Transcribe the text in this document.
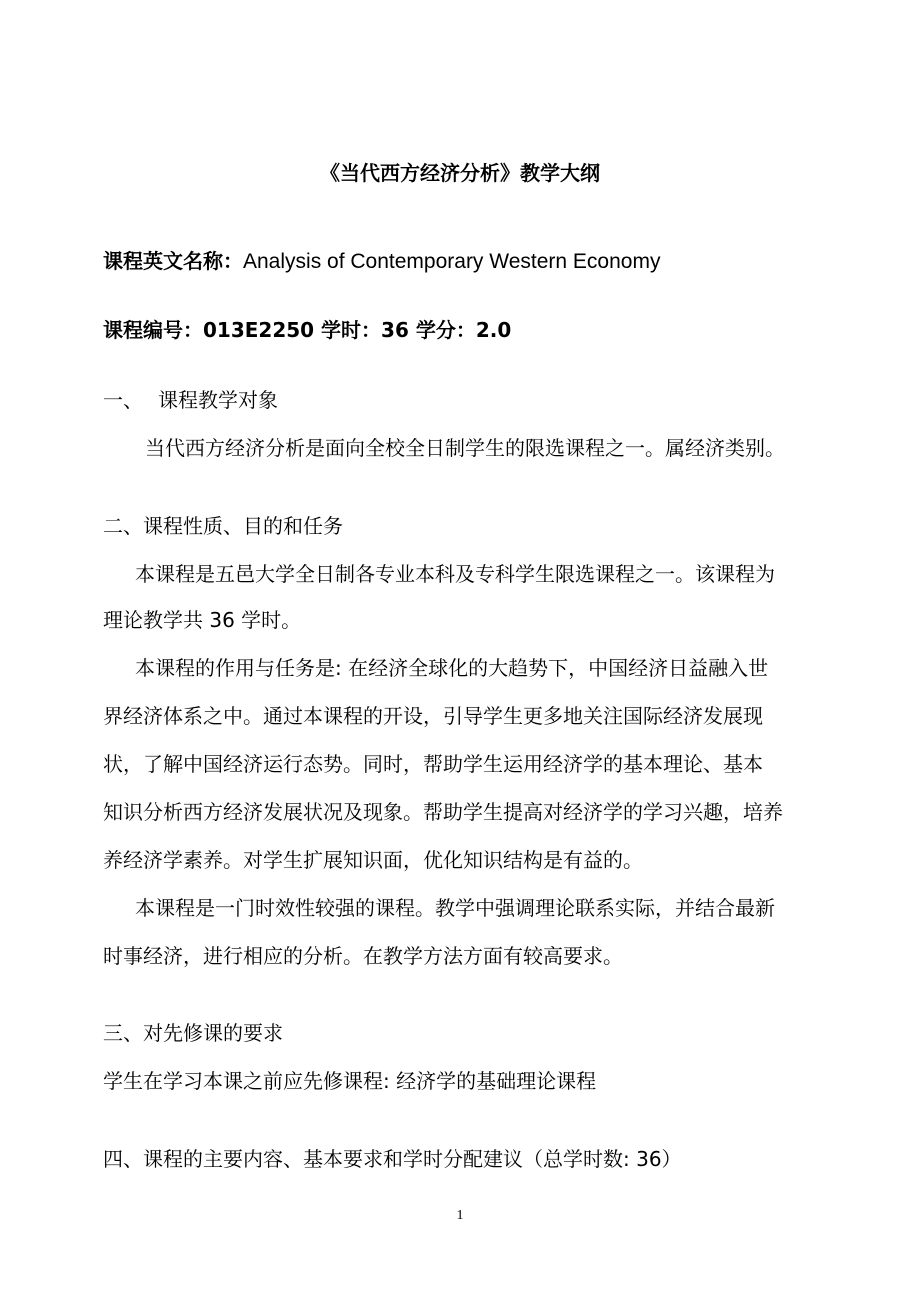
《当代西方经济分析》教学大纲
课程英文名称：Analysis of Contemporary Western Economy
课程编号：013E2250 学时：36 学分：2.0
一、 课程教学对象
当代西方经济分析是面向全校全日制学生的限选课程之一。属经济类别。
二、课程性质、目的和任务
本课程是五邑大学全日制各专业本科及专科学生限选课程之一。该课程为
理论教学共 36 学时。
本课程的作用与任务是: 在经济全球化的大趋势下，中国经济日益融入世
界经济体系之中。通过本课程的开设，引导学生更多地关注国际经济发展现
状，了解中国经济运行态势。同时，帮助学生运用经济学的基本理论、基本
知识分析西方经济发展状况及现象。帮助学生提高对经济学的学习兴趣，培养
养经济学素养。对学生扩展知识面，优化知识结构是有益的。
本课程是一门时效性较强的课程。教学中强调理论联系实际，并结合最新
时事经济，进行相应的分析。在教学方法方面有较高要求。
三、对先修课的要求
学生在学习本课之前应先修课程: 经济学的基础理论课程
四、课程的主要内容、基本要求和学时分配建议（总学时数: 36）
1
